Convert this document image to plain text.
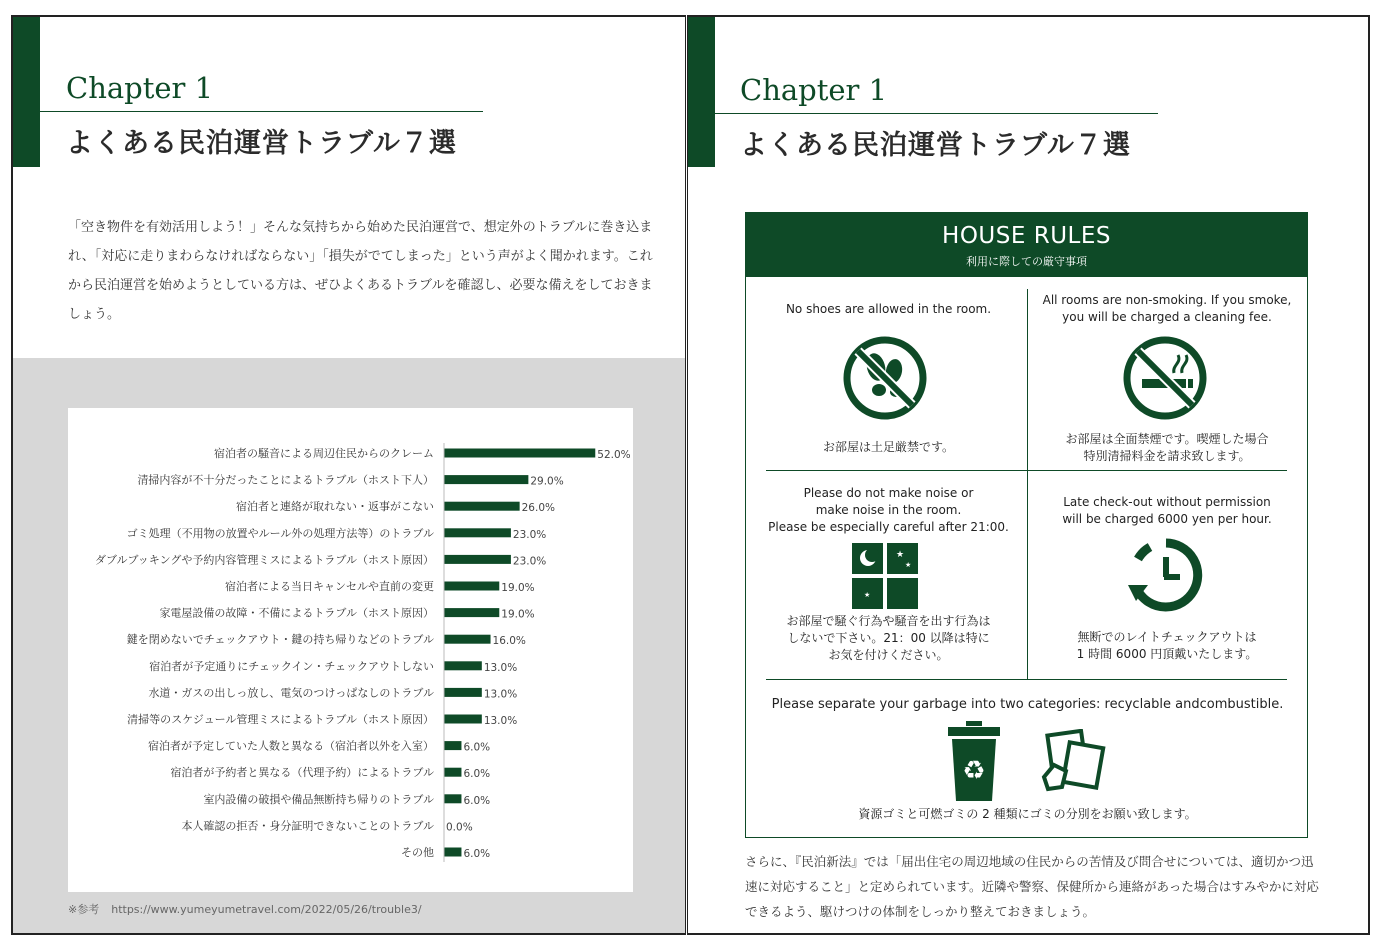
Chapter 1
よくある民泊運営トラブル７選

「空き物件を有効活用しよう！」そんな気持ちから始めた民泊運営で、想定外のトラブルに巻き込まれ、「対応に走りまわらなければならない」「損失がでてしまった」という声がよく聞かれます。これから民泊運営を始めようとしている方は、ぜひよくあるトラブルを確認し、必要な備えをしておきましょう。

宿泊者の騒音による周辺住民からのクレーム	52.0%
清掃内容が不十分だったことによるトラブル（ホスト下人）	29.0%
宿泊者と連絡が取れない・返事がこない	26.0%
ゴミ処理（不用物の放置やルール外の処理方法等）のトラブル	23.0%
ダブルブッキングや予約内容管理ミスによるトラブル（ホスト原因）	23.0%
宿泊者による当日キャンセルや直前の変更	19.0%
家電屋設備の故障・不備によるトラブル（ホスト原因）	19.0%
鍵を閉めないでチェックアウト・鍵の持ち帰りなどのトラブル	16.0%
宿泊者が予定通りにチェックイン・チェックアウトしない	13.0%
水道・ガスの出しっ放し、電気のつけっぱなしのトラブル	13.0%
清掃等のスケジュール管理ミスによるトラブル（ホスト原因）	13.0%
宿泊者が予定していた人数と異なる（宿泊者以外を入室）	6.0%
宿泊者が予約者と異なる（代理予約）によるトラブル	6.0%
室内設備の破損や備品無断持ち帰りのトラブル	6.0%
本人確認の拒否・身分証明できないことのトラブル 0.0%
その他	6.0%
※参考 https://www.yumeyumetravel.com/2022/05/26/trouble3/
Chapter 1
よくある民泊運営トラブル７選
HOUSE RULES
利用に際しての厳守事項
No shoes are allowed in the room.
お部屋は土足厳禁です。
All rooms are non-smoking. If you smoke,
you will be charged a cleaning fee.
お部屋は全面禁煙です。喫煙した場合
特別清掃料金を請求致します。
Please do not make noise or
make noise in the room.
Please be especially careful after 21:00.
★
★
★
お部屋で騒ぐ行為や騒音を出す行為は
しないで下さい。21：00 以降は特に
お気を付けください。
Late check-out without permission
will be charged 6000 yen per hour.
無断でのレイトチェックアウトは
1 時間 6000 円頂戴いたします。
Please separate your garbage into two categories: recyclable andcombustible.
♻
資源ゴミと可燃ゴミの 2 種類にゴミの分別をお願い致します。

さらに、『民泊新法』では「届出住宅の周辺地域の住民からの苦情及び問合せについては、適切かつ迅速に対応すること」と定められています。近隣や警察、保健所から連絡があった場合はすみやかに対応できるよう、駆けつけの体制をしっかり整えておきましょう。
